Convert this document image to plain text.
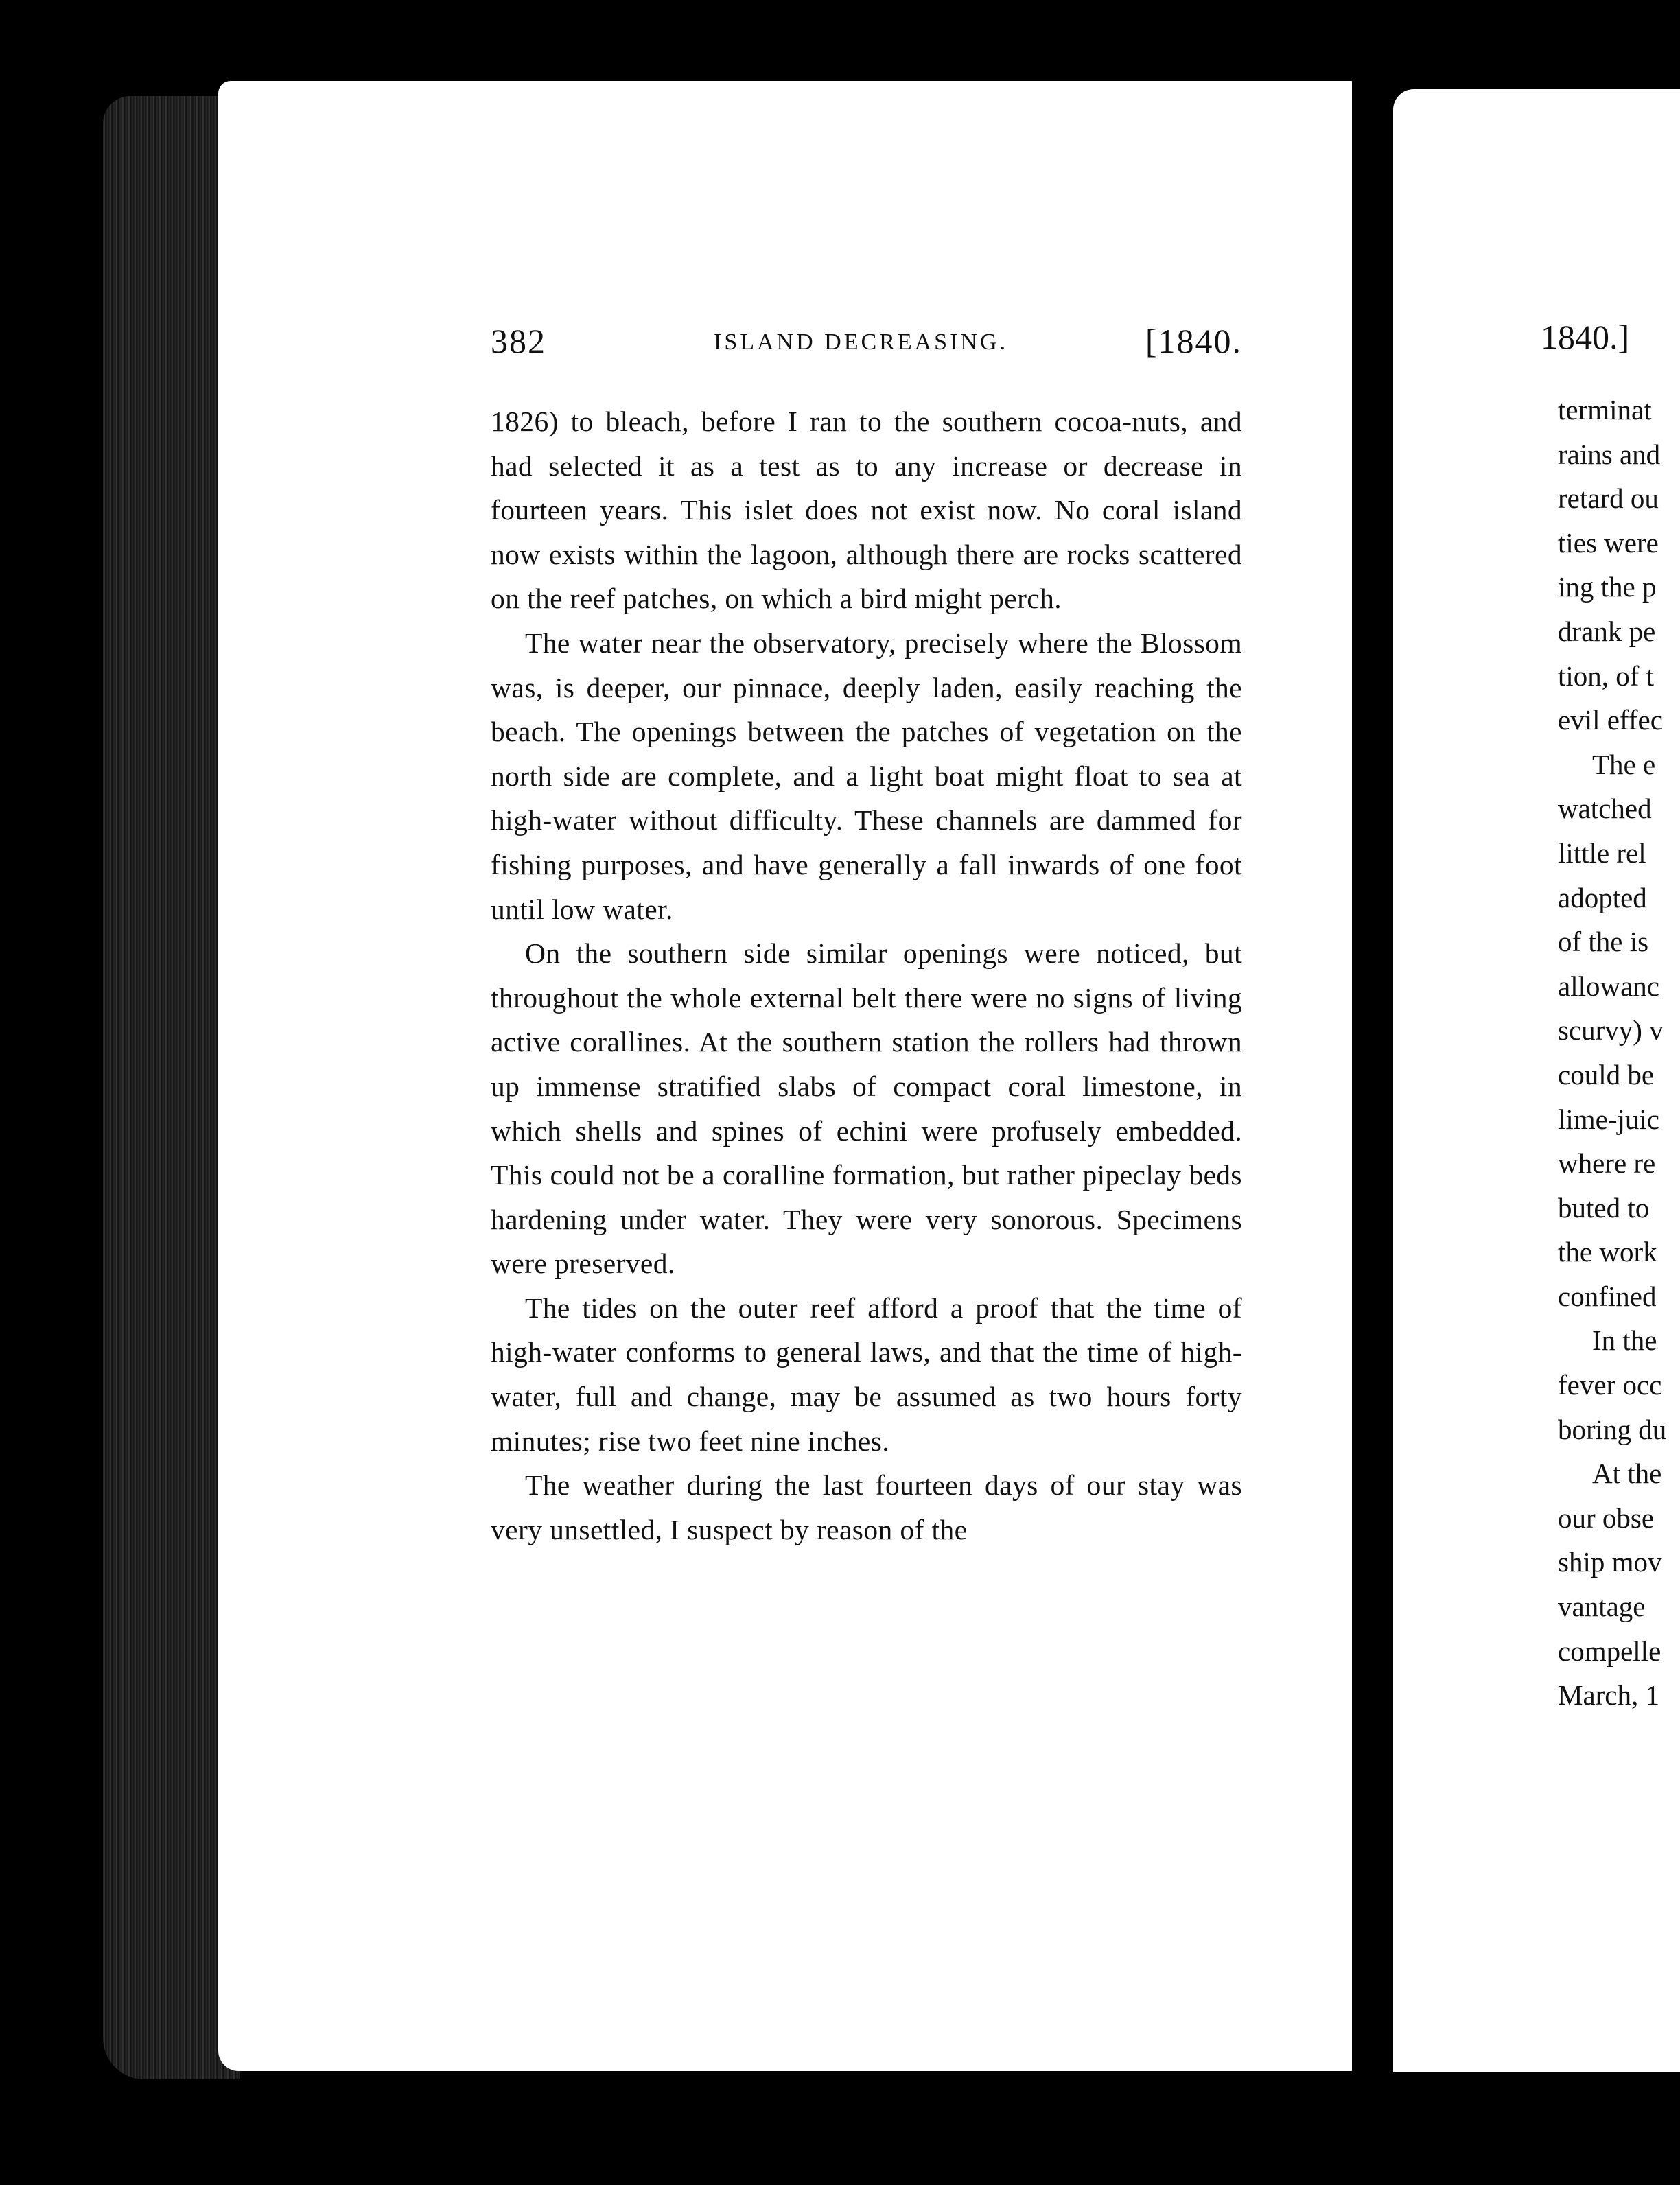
382	ISLAND DECREASING.	[1840.

1826) to bleach, before I ran to the southern cocoa-nuts, and had selected it as a test as to any increase or decrease in fourteen years. This islet does not exist now. No coral island now exists within the lagoon, although there are rocks scattered on the reef patches, on which a bird might perch.

The water near the observatory, precisely where the Blossom was, is deeper, our pinnace, deeply laden, easily reaching the beach. The openings between the patches of vegetation on the north side are complete, and a light boat might float to sea at high-water without difficulty. These channels are dammed for fishing purposes, and have generally a fall inwards of one foot until low water.

On the southern side similar openings were noticed, but throughout the whole external belt there were no signs of living active corallines. At the southern station the rollers had thrown up immense stratified slabs of compact coral limestone, in which shells and spines of echini were profusely embedded. This could not be a coralline formation, but rather pipeclay beds hardening under water. They were very sonorous. Specimens were preserved.

The tides on the outer reef afford a proof that the time of high-water conforms to general laws, and that the time of high-water, full and change, may be assumed as two hours forty minutes; rise two feet nine inches.

The weather during the last fourteen days of our stay was very unsettled, I suspect by reason of the

1840.]
terminat
rains and
retard ou
ties were
ing the p
drank pe
tion, of t
evil effec
The e
watched
little rel
adopted
of the is
allowanc
scurvy) v
could be
lime-juic
where re
buted to
the work
confined
In the
fever occ
boring du
At the
our obse
ship mov
vantage
compelle
March, 1
